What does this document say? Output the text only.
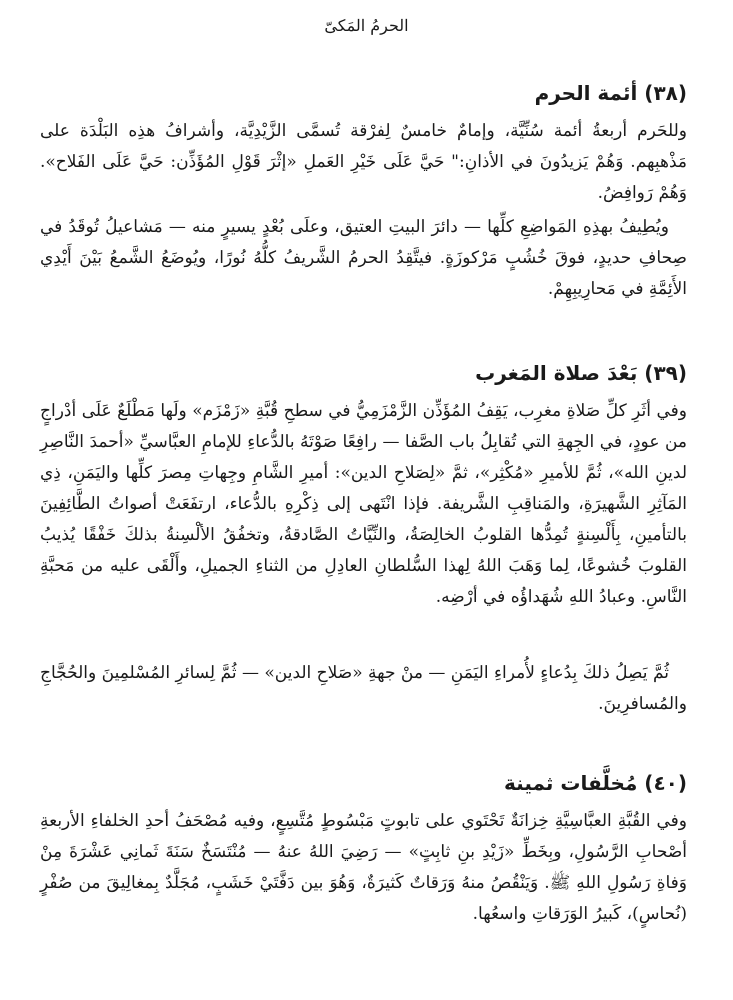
الحرمُ المَكىّ
(٣٨) أئمة الحرم

وللحَرم أربعةُ أئمة سُنِّيَّة، وإمامٌ خامسٌ لِفرْقة تُسمَّى الزَّيْدِيَّة، وأشرافُ هذِه البَلْدَة على مَذْهبِهم. وَهُمْ يَزيدُونَ في الأذانِ:" حَيَّ عَلَى خَيْرِ العَملِ «إثْرَ قَوْلِ المُؤَذِّن: حَيَّ عَلَى الفَلاح». وَهُمْ رَوافِضُ.

ويُطِيفُ بهذِهِ المَواضِعِ كلِّها — دائرَ البيتِ العتيق، وعلَى بُعْدٍ يسيرٍ منه — مَشاعيلُ تُوقَدُ في صِحافِ حديدٍ، فوقَ خُشُبٍ مَرْكوزَةٍ. فيتَّقِدُ الحرمُ الشَّريفُ كلُّهُ نُورًا، ويُوضَعُ الشَّمعُ بَيْنَ أَيْدِي الأَئِمَّةِ في مَحارِيبِهِمْ.

(٣٩) بَعْدَ صلاة المَغرب

وفي أثَرِ كلِّ صَلاةِ مغرِب، يَقِفُ المُؤَذِّن الزَّمْزَمِيُّ في سطحِ قُبَّةِ «زَمْزَم» ولَها مَطْلَعٌ عَلَى أدْراجٍ من عودٍ، في الجِهةِ التي تُقابِلُ باب الصَّفا — رافِعًا صَوْتَهُ بالدُّعاءِ للإمامِ العبَّاسيِّ «أحمدَ النَّاصِرِ لدينِ الله»، ثُمَّ للأميرِ «مُكْثِر»، ثمَّ «لِصَلاحِ الدين»: أميرِ الشَّامِ وجِهاتِ مِصرَ كلِّها واليَمَنِ، ذِي المَآثِرِ الشَّهيرَةِ، والمَناقِبِ الشَّريفة. فإذا انْتَهى إلى ذِكْرِهِ بالدُّعاء، ارتفَعَتْ أصواتُ الطَّائِفِينَ بالتأمينِ، بِأَلْسِنةٍ تُمِدُّها القلوبُ الخالِصَةُ، والنِّيَّاتُ الصَّادقةُ، وتخفُقُ الألْسِنةُ بذلكَ خَفْقًا يُذيبُ القلوبَ خُشوعًا، لِما وَهَبَ اللهُ لِهذا السُّلطانِ العادِلِ من الثناءِ الجميلِ، وأَلْقَى عليه من مَحبَّةِ النَّاسِ. وعبادُ اللهِ شُهَداؤُه في أرْضِه.

ثُمَّ يَصِلُ ذلكَ بِدُعاءٍ لأُمراءِ اليَمَنِ — منْ جهةِ «صَلاحِ الدين» — ثُمَّ لِسائرِ المُسْلمِينَ والحُجَّاجِ والمُسافرِينَ.

(٤٠) مُخلَّفات ثمينة

وفي القُبَّةِ العبَّاسِيَّةِ خِزانَةٌ تَحْتَوي على تابوتٍ مَبْسُوطٍ مُتَّسِعٍ، وفيه مُصْحَفُ أحدِ الخلفاءِ الأربعةِ أصْحابِ الرَّسُولِ، وبِخَطِّ «زَيْدِ بنِ ثابِتٍ» — رَضِيَ اللهُ عنهُ — مُنْتَسَخٌ سَنَةَ ثَمانِي عَشْرَةَ مِنْ وَفاةِ رَسُولِ اللهِ ﷺ. وَيَنْقُصُ منهُ وَرَقاتٌ كَثيرَةٌ، وَهُوَ بين دَفَّتَيْ خَشَبٍ، مُجَلَّدٌ بِمغالِيقَ من صُفْرٍ (نُحاسٍ)، كَبيرُ الوَرَقاتِ واسعُها.
